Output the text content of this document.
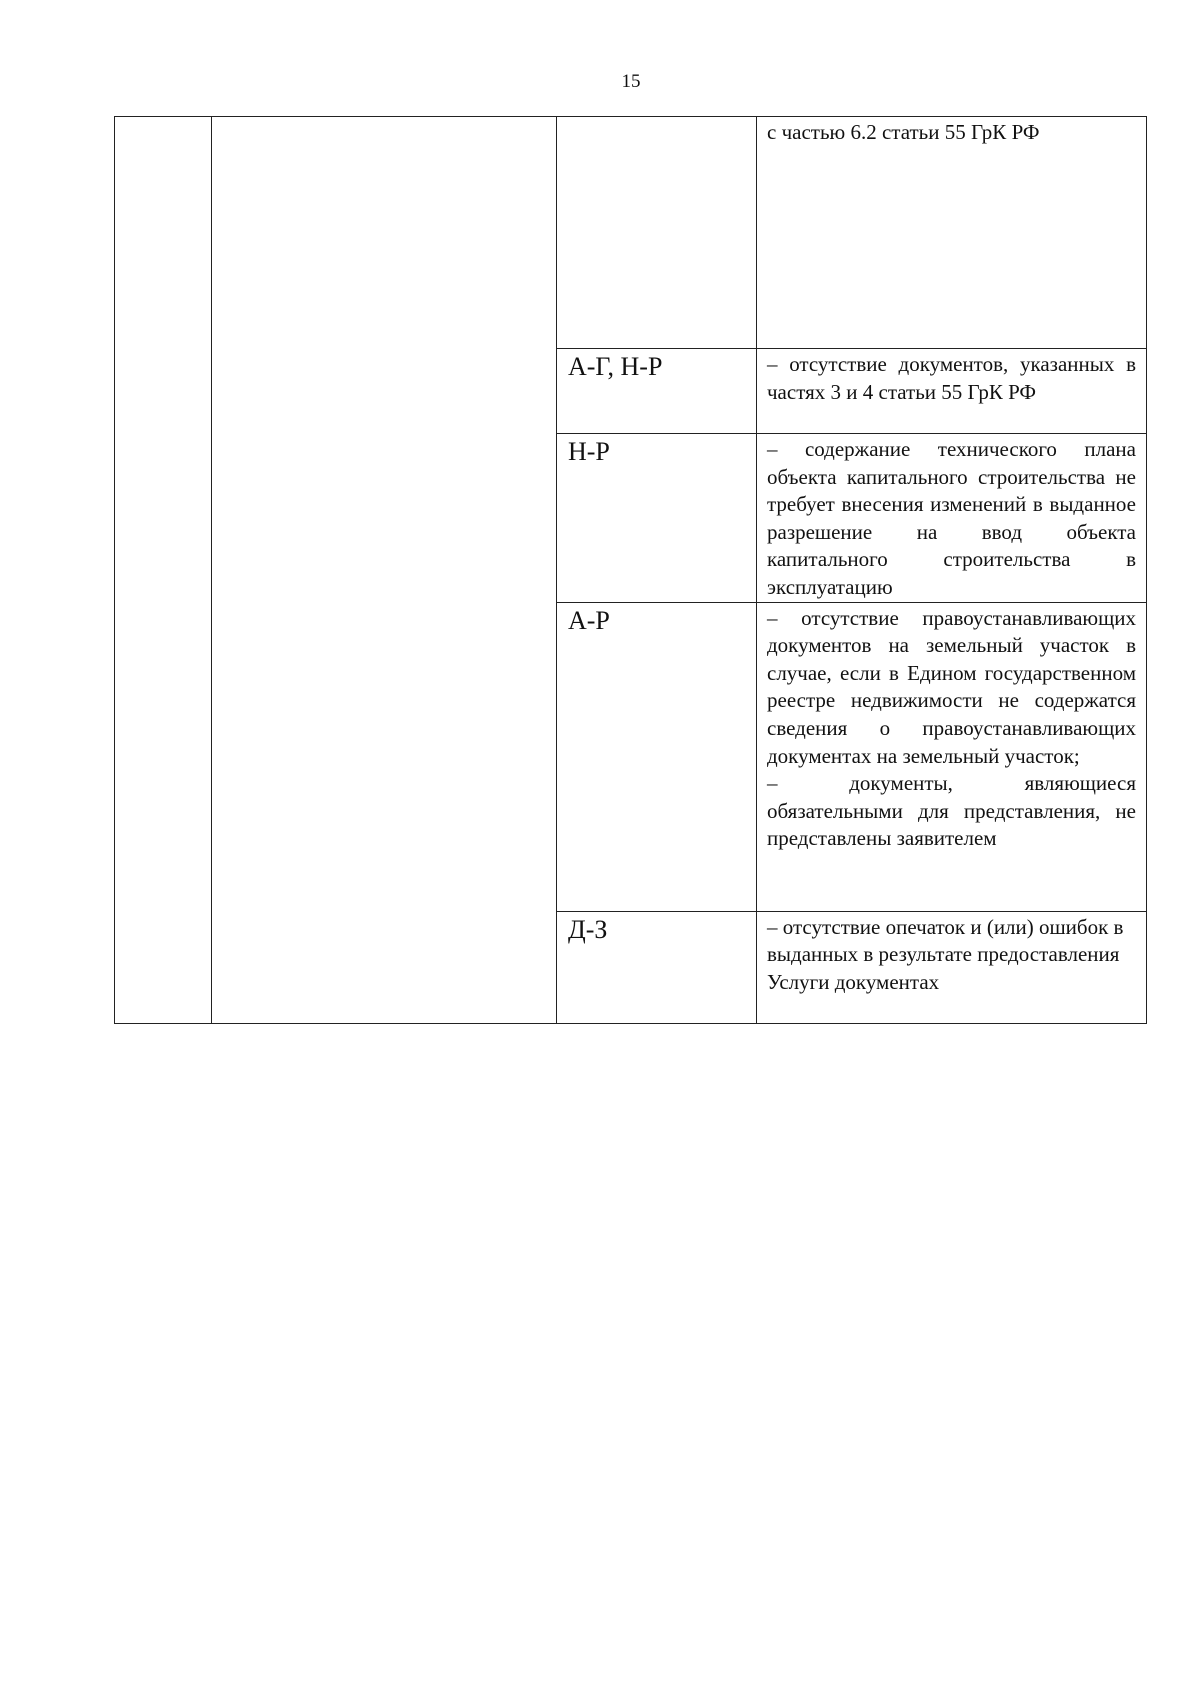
15

			с частью 6.2 статьи 55 ГрК РФ

		А-Г, Н-Р	– отсутствие документов, указанных в частях 3 и 4 статьи 55 ГрК РФ

		Н-Р	– содержание технического плана объекта капитального строительства не требует внесения изменений в выданное разрешение на ввод объекта капитального строительства в эксплуатацию

		А-Р	– отсутствие правоустанавливающих документов на земельный участок в случае, если в Едином государственном реестре недвижимости не содержатся сведения о правоустанавливающих документах на земельный участок;
– документы, являющиеся обязательными для представления, не представлены заявителем

		Д-З	– отсутствие опечаток и (или) ошибок в выданных в результате предоставления Услуги документах
